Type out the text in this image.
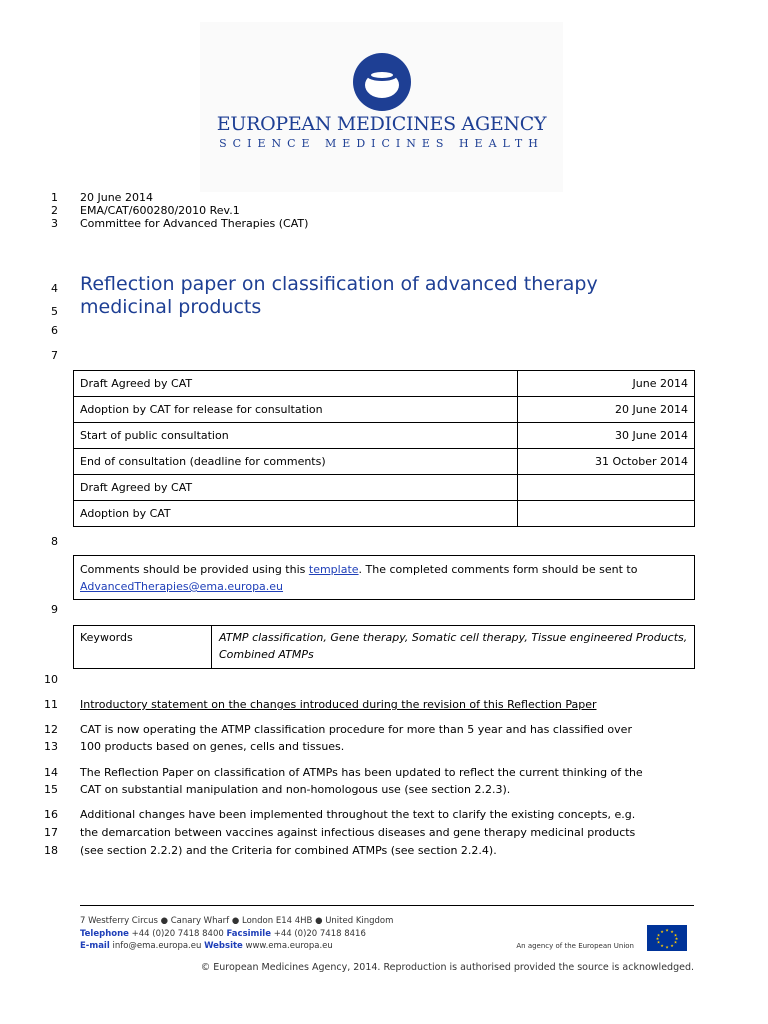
EUROPEAN MEDICINES AGENCY
SCIENCE MEDICINES HEALTH
1 20 June 2014
2 EMA/CAT/600280/2010 Rev.1
3 Committee for Advanced Therapies (CAT)
4 Reflection paper on classification of advanced therapy
5 medicinal products
6
7
Draft Agreed by CAT	June 2014
Adoption by CAT for release for consultation	20 June 2014
Start of public consultation	30 June 2014
End of consultation (deadline for comments)	31 October 2014
Draft Agreed by CAT	
Adoption by CAT	
8
Comments should be provided using this template. The completed comments form should be sent to
AdvancedTherapies@ema.europa.eu
9
Keywords	ATMP classification, Gene therapy, Somatic cell therapy, Tissue engineered Products, Combined ATMPs
10
11 Introductory statement on the changes introduced during the revision of this Reflection Paper
12 CAT is now operating the ATMP classification procedure for more than 5 year and has classified over
13 100 products based on genes, cells and tissues.
14 The Reflection Paper on classification of ATMPs has been updated to reflect the current thinking of the
15 CAT on substantial manipulation and non-homologous use (see section 2.2.3).
16 Additional changes have been implemented throughout the text to clarify the existing concepts, e.g.
17 the demarcation between vaccines against infectious diseases and gene therapy medicinal products
18 (see section 2.2.2) and the Criteria for combined ATMPs (see section 2.2.4).
7 Westferry Circus ● Canary Wharf ● London E14 4HB ● United Kingdom
Telephone +44 (0)20 7418 8400 Facsimile +44 (0)20 7418 8416
E-mail info@ema.europa.eu Website www.ema.europa.eu	An agency of the European Union
★ ★
★
★
★
★
★
★
★
★
★
★
© European Medicines Agency, 2014. Reproduction is authorised provided the source is acknowledged.
